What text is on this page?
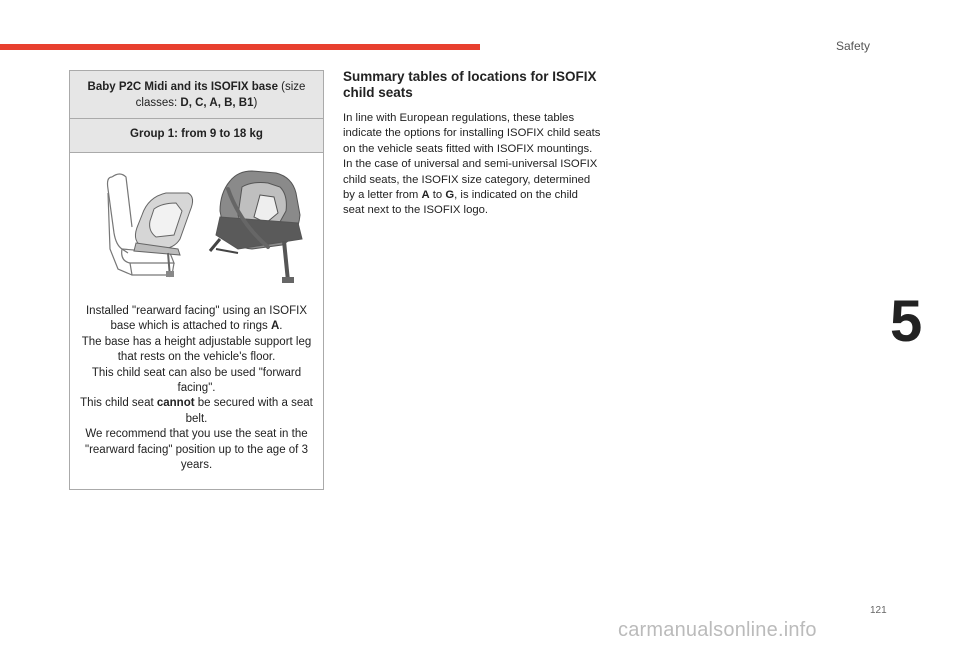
Safety
Baby P2C Midi and its ISOFIX base (size classes: D, C, A, B, B1)
Group 1: from 9 to 18 kg
Installed "rearward facing" using an ISOFIX base which is attached to rings A.
The base has a height adjustable support leg that rests on the vehicle's floor.
This child seat can also be used "forward facing".
This child seat cannot be secured with a seat belt.
We recommend that you use the seat in the "rearward facing" position up to the age of 3 years.
Summary tables of locations for ISOFIX child seats

In line with European regulations, these tables indicate the options for installing ISOFIX child seats on the vehicle seats fitted with ISOFIX mountings.

In the case of universal and semi-universal ISOFIX child seats, the ISOFIX size category, determined by a letter from A to G, is indicated on the child seat next to the ISOFIX logo.

5
121
carmanualsonline.info
